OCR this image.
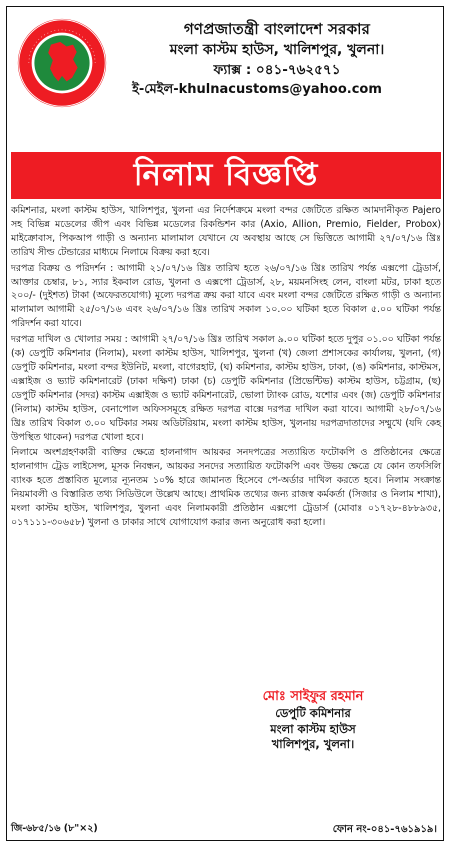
গণপ্রজাতন্ত্রী বাংলাদেশ সরকার
মংলা কাস্টম হাউস, খালিশপুর, খুলনা।
ফ্যাক্স : ০৪১-৭৬২৫৭১
ই-মেইল-khulnacustoms@yahoo.com
নিলাম বিজ্ঞপ্তি

কমিশনার, মংলা কাস্টম হাউস, খালিশপুর, খুলনা এর নির্দেশক্রমে মংলা বন্দর জেটিতে রক্ষিত আমদানীকৃত Pajero সহ বিভিন্ন মডেলের জীপ এবং বিভিন্ন মডেলের রিকন্ডিশন কার (Axio, Allion, Premio, Fielder, Probox) মাইক্রোবাস, পিকআপ গাড়ী ও অন্যান্য মালামাল যেখানে যে অবস্থায় আছে সে ভিত্তিতে আগামী ২৭/০৭/১৬ খ্রিঃ তারিখ সীল্ড টেন্ডারের মাধ্যমে নিলামে বিক্রয় করা হবে।

দরপত্র বিক্রয় ও পরিদর্শন : আগামী ২১/০৭/১৬ খ্রিঃ তারিখ হতে ২৬/০৭/১৬ খ্রিঃ তারিখ পর্যন্ত এক্সপো ট্রেডার্স, আক্তার চেম্বার, ৮১, স্যার ইকবাল রোড, খুলনা ও এক্সপো ট্রেডার্স, ২৮, ময়মনসিংহ লেন, বাংলা মটর, ঢাকা হতে ২০০/- (দুইশত) টাকা (অফেরতযোগ্য) মূল্যে দরপত্র ক্রয় করা যাবে এবং মংলা বন্দর জেটিতে রক্ষিত গাড়ী ও অন্যান্য মালামাল আগামী ২৫/০৭/১৬ এবং ২৬/০৭/১৬ খ্রিঃ তারিখ সকাল ১০.০০ ঘটিকা হতে বিকাল ৫.০০ ঘটিকা পর্যন্ত পরিদর্শন করা যাবে।

দরপত্র দাখিল ও খোলার সময় : আগামী ২৭/০৭/১৬ খ্রিঃ তারিখ সকাল ৯.০০ ঘটিকা হতে দুপুর ০১.০০ ঘটিকা পর্যন্ত (ক) ডেপুটি কমিশনার (নিলাম), মংলা কাস্টম হাউস, খালিশপুর, খুলনা (খ) জেলা প্রশাসকের কার্যালয়, খুলনা, (গ) ডেপুটি কমিশনার, মংলা বন্দর ইউনিট, মংলা, বাগেরহাট, (ঘ) কমিশনার, কাস্টম হাউস, ঢাকা, (ঙ) কমিশনার, কাস্টমস, এক্সাইজ ও ভ্যাট কমিশনারেট (ঢাকা দক্ষিণ) ঢাকা (চ) ডেপুটি কমিশনার (প্রিভেন্টিভ) কাস্টম হাউস, চট্টগ্রাম, (ছ) ডেপুটি কমিশনার (সদর) কাস্টম এক্সাইজ ও ভ্যাট কমিশনারেট, ভোলা ট্যাংক রোড, যশোর এবং (জ) ডেপুটি কমিশনার (নিলাম) কাস্টম হাউস, বেনাপোল অফিসসমূহে রক্ষিত দরপত্র বাক্সে দরপত্র দাখিল করা যাবে। আগামী ২৮/০৭/১৬ খ্রিঃ তারিখ বিকাল ৩.০০ ঘটিকার সময় অডিটরিয়াম, মংলা কাস্টম হাউস, খুলনায় দরপত্রদাতাদের সম্মুখে (যদি কেহ উপস্থিত থাকেন) দরপত্র খোলা হবে।

নিলামে অংশগ্রহণকারী ব্যক্তির ক্ষেত্রে হালনাগাদ আয়কর সনদপত্রের সত্যায়িত ফটোকপি ও প্রতিষ্ঠানের ক্ষেত্রে হালনাগাদ ট্রেড লাইসেন্স, মূসক নিবন্ধন, আয়কর সনদের সত্যায়িত ফটোকপি এবং উভয় ক্ষেত্রে যে কোন তফসিলি ব্যাংক হতে প্রস্তাবিত মূল্যের ন্যূনতম ১০% হারে জামানত হিসেবে পে-অর্ডার দাখিল করতে হবে। নিলাম সংক্রান্ত নিয়মাবলী ও বিস্তারিত তথ্য সিডিউলে উল্লেখ আছে। প্রাথমিক তথ্যের জন্য রাজস্ব কর্মকর্তা (সিজার ও নিলাম শাখা), মংলা কাস্টম হাউস, খালিশপুর, খুলনা এবং নিলামকারী প্রতিষ্ঠান এক্সপো ট্রেডার্স (মোবাঃ ০১৭২৮-৪৮৮৯৩৫, ০১৭১১১-৩০৬৫৮) খুলনা ও ঢাকার সাথে যোগাযোগ করার জন্য অনুরোধ করা হলো।

মোঃ সাইফুর রহমান
ডেপুটি কমিশনার
মংলা কাস্টম হাউস
খালিশপুর, খুলনা।
জি-৬৮৫/১৬ (৮"×২)	ফোন নং-০৪১-৭৬১৯১৯।
